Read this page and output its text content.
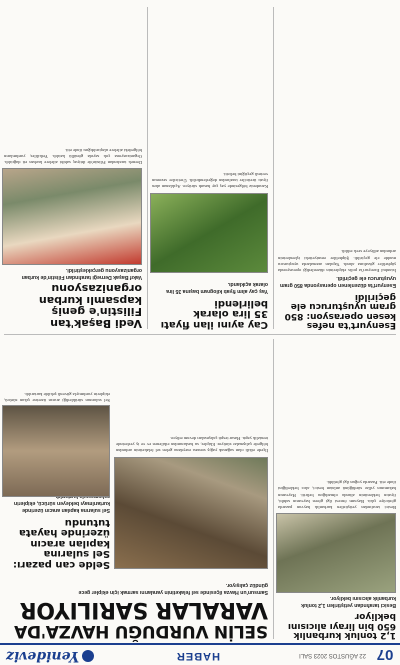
07
22 AĞUSTOS 2023 SALI
HABER
Yenideviz
1,2 tonluk kurbanlık 650 bin lirayı alıcısını bekliyor
Besici tarafından yetiştirilen 1,2 tonluk kurbanlık alıcısını bekliyor.
Besici tarafından yetiştirilen kurbanlık hayvan pazarda görücüye çıktı. Bayram öncesi ilgi gören hayvanın sahibi, fiyatın beklentinin altında olmadığını belirtti. Hayvanın bakımının yıllar sürdüğünü anlatan besici, alıcı beklediğini ifade etti. Pazarda yoğun ilgi görüldü.
SELİN VURDUĞU HAVZA'DA
VARALAR SARILIYOR
Samsun'un Havza ilçesinde sel felaketinin yaralarını sarmak için ekipler gece gündüz çalışıyor.
Selde can pazarı: Sel sularına kapılan aracın üzerinde hayata tutundu
Sel sularına kapılan aracın üzerinde kurtarılmayı bekleyen sürücü, ekiplerin
İlçede etkili olan sağanak yağış sonrası meydana gelen sel felaketinin ardından bölgede çalışmalar sürüyor. Ekipler, su baskınından etkilenen ev ve iş yerlerinde temizlik yaptı. Hasar tespit çalışmaları devam ediyor.
Sel sularının sürüklediği aracın üzerine çıkan sürücü, ekiplerin yardımıyla güvenli şekilde kurtarıldı.
Esenyurt'ta nefes kesen operasyon: 850 gram uyuşturucu ele geçirildi
Esenyurt'ta düzenlenen operasyonda 850 gram uyuşturucu ele geçirildi.
İstanbul Esenyurt'ta polis ekiplerinin düzenlediği operasyonda şüpheliler gözaltına alındı. Yapılan aramalarda uyuşturucu madde ele geçirildi. Şüpheliler emniyetteki işlemlerinin ardından adliyeye sevk edildi.
Cay ayını ilan fiyatı 35 lira olarak belirlendi
Yaş çay alım fiyatı kilogram başına 35 lira olarak açıklandı.
Karadeniz bölgesinde yaş çay hasadı sürüyor. Açıklanan alım fiyatı üreticiler tarafından değerlendirildi. Üreticiler sezonun verimli geçtiğini belirtti.
Vedi Başak'tan Filistin'e geniş kapsamlı kurban organizasyonu
Vakıf Başak Derneği tarafından Filistin'de kurban organizasyonu gerçekleştirildi.
Dernek tarafından Filistin'de ihtiyaç sahibi ailelere kurban eti dağıtıldı. Organizasyona çok sayıda gönüllü katıldı. Yetkililer, yardımların bölgedeki ailelere ulaştırıldığını ifade etti.
